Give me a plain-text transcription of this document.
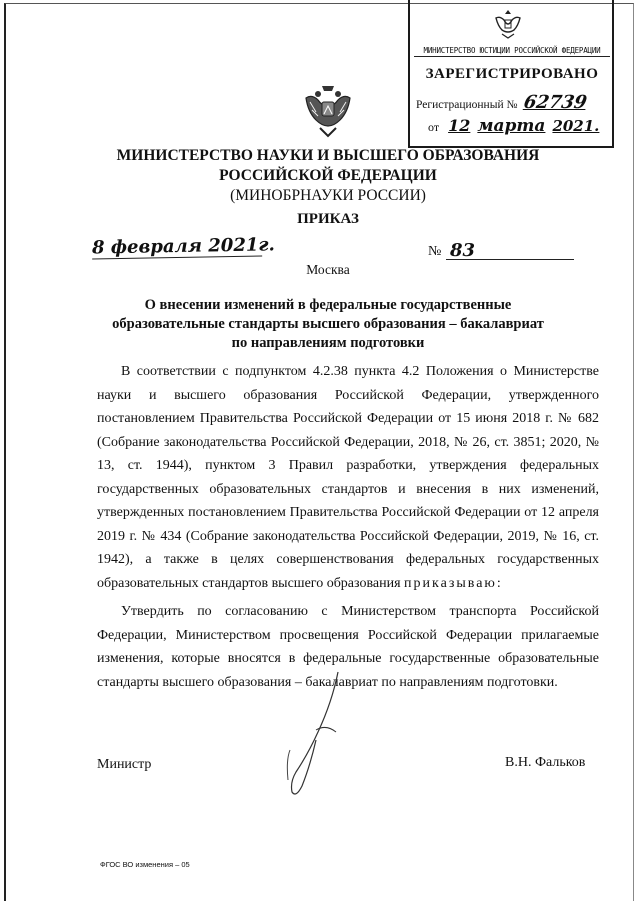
МИНИСТЕРСТВО ЮСТИЦИИ РОССИЙСКОЙ ФЕДЕРАЦИИ
ЗАРЕГИСТРИРОВАНО
Регистрационный № 62739
от 12 марта 2021.
МИНИСТЕРСТВО НАУКИ И ВЫСШЕГО ОБРАЗОВАНИЯ
РОССИЙСКОЙ ФЕДЕРАЦИИ
(МИНОБРНАУКИ РОССИИ)
ПРИКАЗ
8 февраля 2021г.	№ 83
Москва
О внесении изменений в федеральные государственные
образовательные стандарты высшего образования – бакалавриат
по направлениям подготовки
В соответствии с подпунктом 4.2.38 пункта 4.2 Положения о Министерстве науки и высшего образования Российской Федерации, утвержденного постановлением Правительства Российской Федерации от 15 июня 2018 г. № 682 (Собрание законодательства Российской Федерации, 2018, № 26, ст. 3851; 2020, № 13, ст. 1944), пунктом 3 Правил разработки, утверждения федеральных государственных образовательных стандартов и внесения в них изменений, утвержденных постановлением Правительства Российской Федерации от 12 апреля 2019 г. № 434 (Собрание законодательства Российской Федерации, 2019, № 16, ст. 1942), а также в целях совершенствования федеральных государственных образовательных стандартов высшего образования приказываю:
Утвердить по согласованию с Министерством транспорта Российской Федерации, Министерством просвещения Российской Федерации прилагаемые изменения, которые вносятся в федеральные государственные образовательные стандарты высшего образования – бакалавриат по направлениям подготовки.
Министр	В.Н. Фальков
ФГОС ВО изменения – 05
